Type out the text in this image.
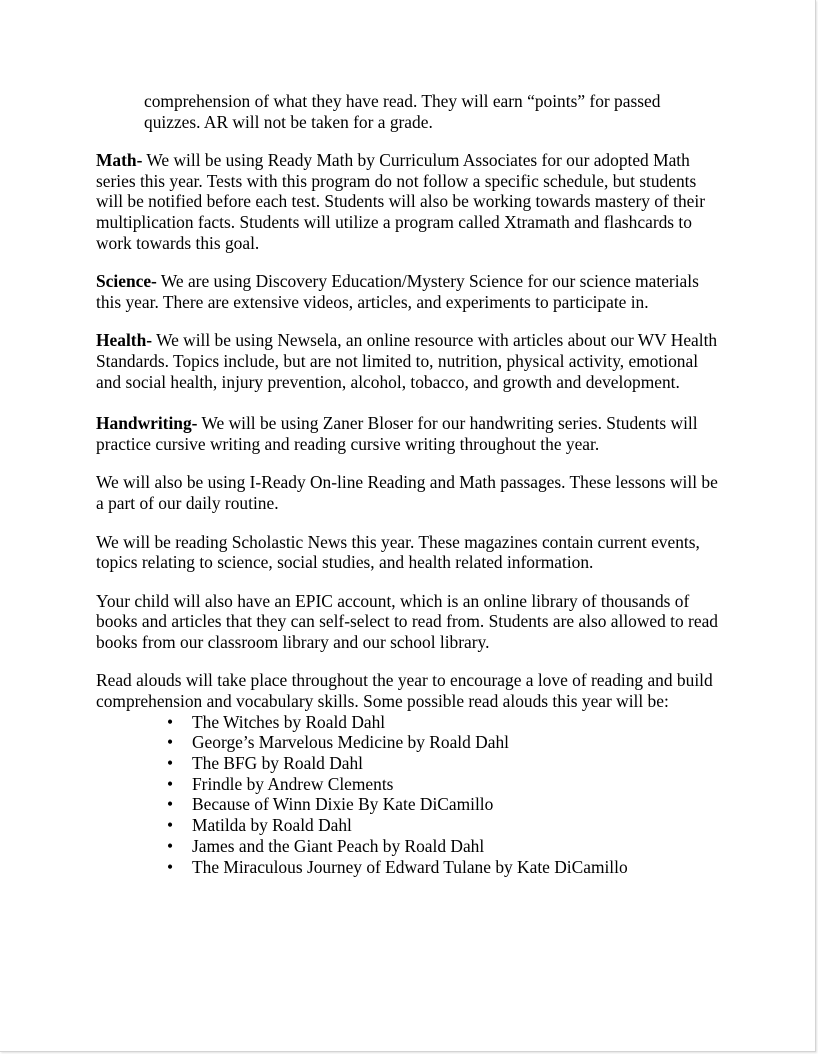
comprehension of what they have read. They will earn “points” for passed quizzes. AR will not be taken for a grade.

Math- We will be using Ready Math by Curriculum Associates for our adopted Math series this year. Tests with this program do not follow a specific schedule, but students will be notified before each test. Students will also be working towards mastery of their multiplication facts. Students will utilize a program called Xtramath and flashcards to work towards this goal.

Science- We are using Discovery Education/Mystery Science for our science materials this year. There are extensive videos, articles, and experiments to participate in.

Health- We will be using Newsela, an online resource with articles about our WV Health Standards. Topics include, but are not limited to, nutrition, physical activity, emotional and social health, injury prevention, alcohol, tobacco, and growth and development.

Handwriting- We will be using Zaner Bloser for our handwriting series. Students will practice cursive writing and reading cursive writing throughout the year.

We will also be using I-Ready On-line Reading and Math passages. These lessons will be a part of our daily routine.

We will be reading Scholastic News this year. These magazines contain current events, topics relating to science, social studies, and health related information.

Your child will also have an EPIC account, which is an online library of thousands of books and articles that they can self-select to read from. Students are also allowed to read books from our classroom library and our school library.

Read alouds will take place throughout the year to encourage a love of reading and build comprehension and vocabulary skills. Some possible read alouds this year will be:

• The Witches by Roald Dahl
• George’s Marvelous Medicine by Roald Dahl
• The BFG by Roald Dahl
• Frindle by Andrew Clements
• Because of Winn Dixie By Kate DiCamillo
• Matilda by Roald Dahl
• James and the Giant Peach by Roald Dahl
• The Miraculous Journey of Edward Tulane by Kate DiCamillo
